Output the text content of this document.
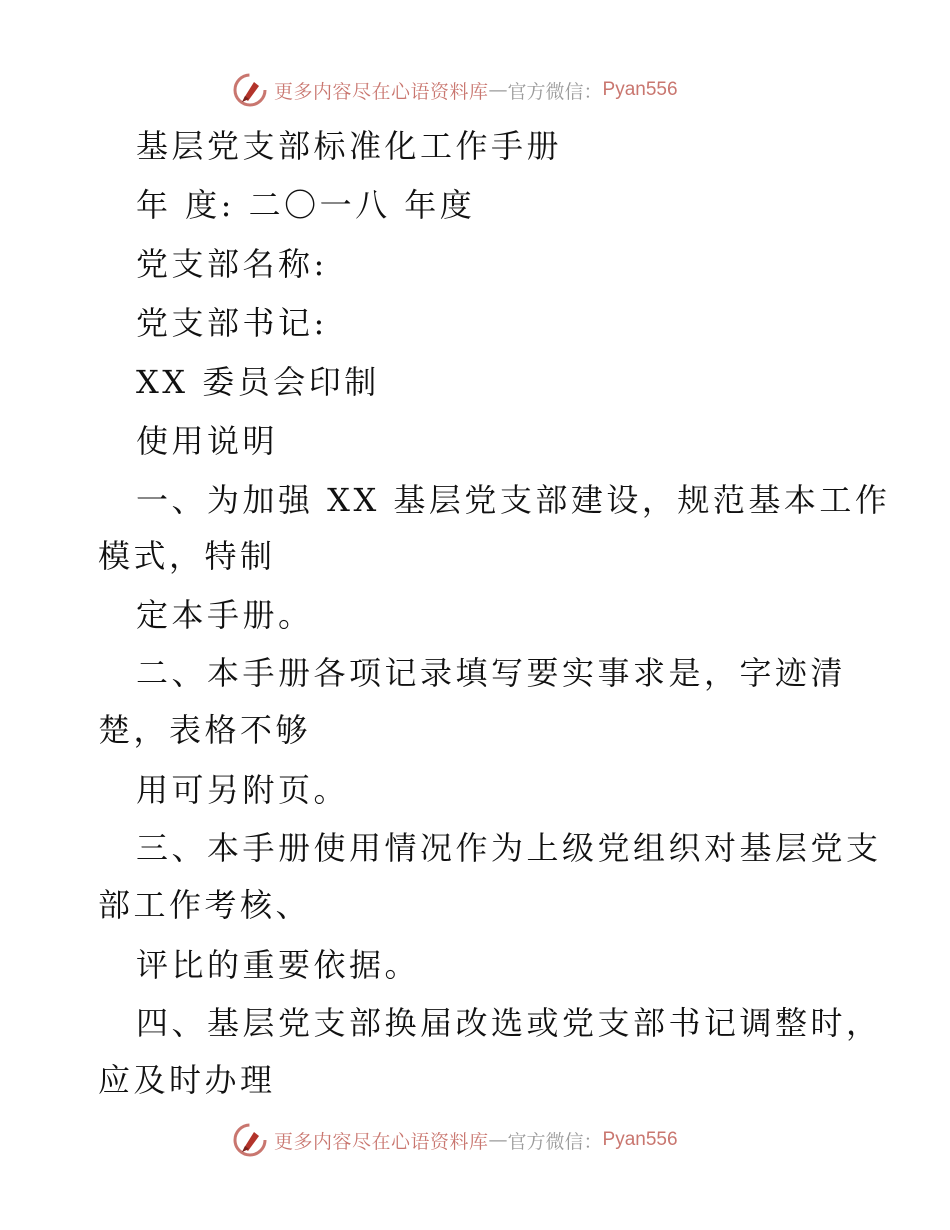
更多内容尽在心语资料库 — 官方微信： Pyan556
基层党支部标准化工作手册
年 度: 二〇一八 年度
党支部名称:
党支部书记:
XX 委员会印制
使用说明
一、为加强 XX 基层党支部建设，规范基本工作
模式，特制
定本手册。
二、本手册各项记录填写要实事求是，字迹清
楚，表格不够
用可另附页。
三、本手册使用情况作为上级党组织对基层党支
部工作考核、
评比的重要依据。
四、基层党支部换届改选或党支部书记调整时，
应及时办理
更多内容尽在心语资料库 — 官方微信： Pyan556
